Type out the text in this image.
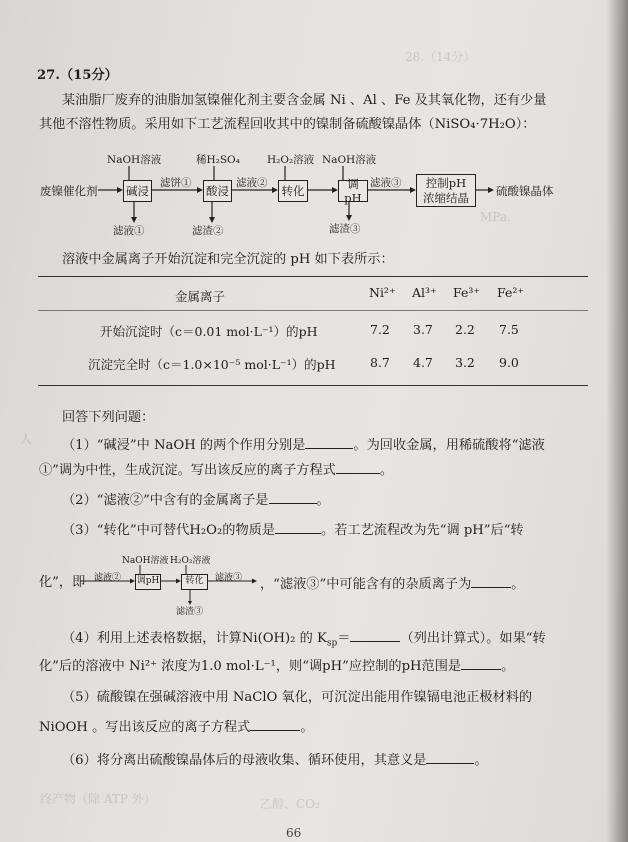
28.（14分）
MPa.
人
27.（15分）
某油脂厂废弃的油脂加氢镍催化剂主要含金属 Ni 、Al 、Fe 及其氧化物，还有少量
其他不溶性物质。采用如下工艺流程回收其中的镍制备硫酸镍晶体（NiSO₄·7H₂O）：
废镍催化剂
NaOH溶液
碱浸
滤饼①
滤液①
稀H₂SO₄
酸浸
滤液②
滤渣②
H₂O₂溶液
转化
NaOH溶液
调pH
滤液③
滤渣③
控制pH
浓缩结晶 硫酸镍晶体
溶液中金属离子开始沉淀和完全沉淀的 pH 如下表所示：
金属离子	Ni²⁺ Al³⁺ Fe³⁺ Fe²⁺
开始沉淀时（c＝0.01 mol·L⁻¹）的pH	7.2 3.7 2.2 7.5
沉淀完全时（c＝1.0×10⁻⁵ mol·L⁻¹）的pH	8.7 4.7 3.2 9.0
回答下列问题：
（1）“碱浸”中 NaOH 的两个作用分别是	。为回收金属，用稀硫酸将“滤液
①”调为中性，生成沉淀。写出该反应的离子方程式	。
（2）“滤液②”中含有的金属离子是	。
（3）“转化”中可替代H₂O₂的物质是	。若工艺流程改为先“调 pH”后“转
NaOH溶液 H₂O₂溶液
滤液② 调pH	转化 滤液③
滤渣③
化”，即	，“滤液③”中可能含有的杂质离子为	。
（4）利用上述表格数据，计算Ni(OH)₂ 的 $K_{sp}=$	（列出计算式）。如果“转
化”后的溶液中 Ni²⁺ 浓度为1.0 mol·L⁻¹，则“调pH”应控制的pH范围是	。
（5）硫酸镍在强碱溶液中用 NaClO 氧化，可沉淀出能用作镍镉电池正极材料的
NiOOH 。写出该反应的离子方程式	。
（6）将分离出硫酸镍晶体后的母液收集、循环使用，其意义是	。
终产物（除 ATP 外）	乙醇、CO₂
66
